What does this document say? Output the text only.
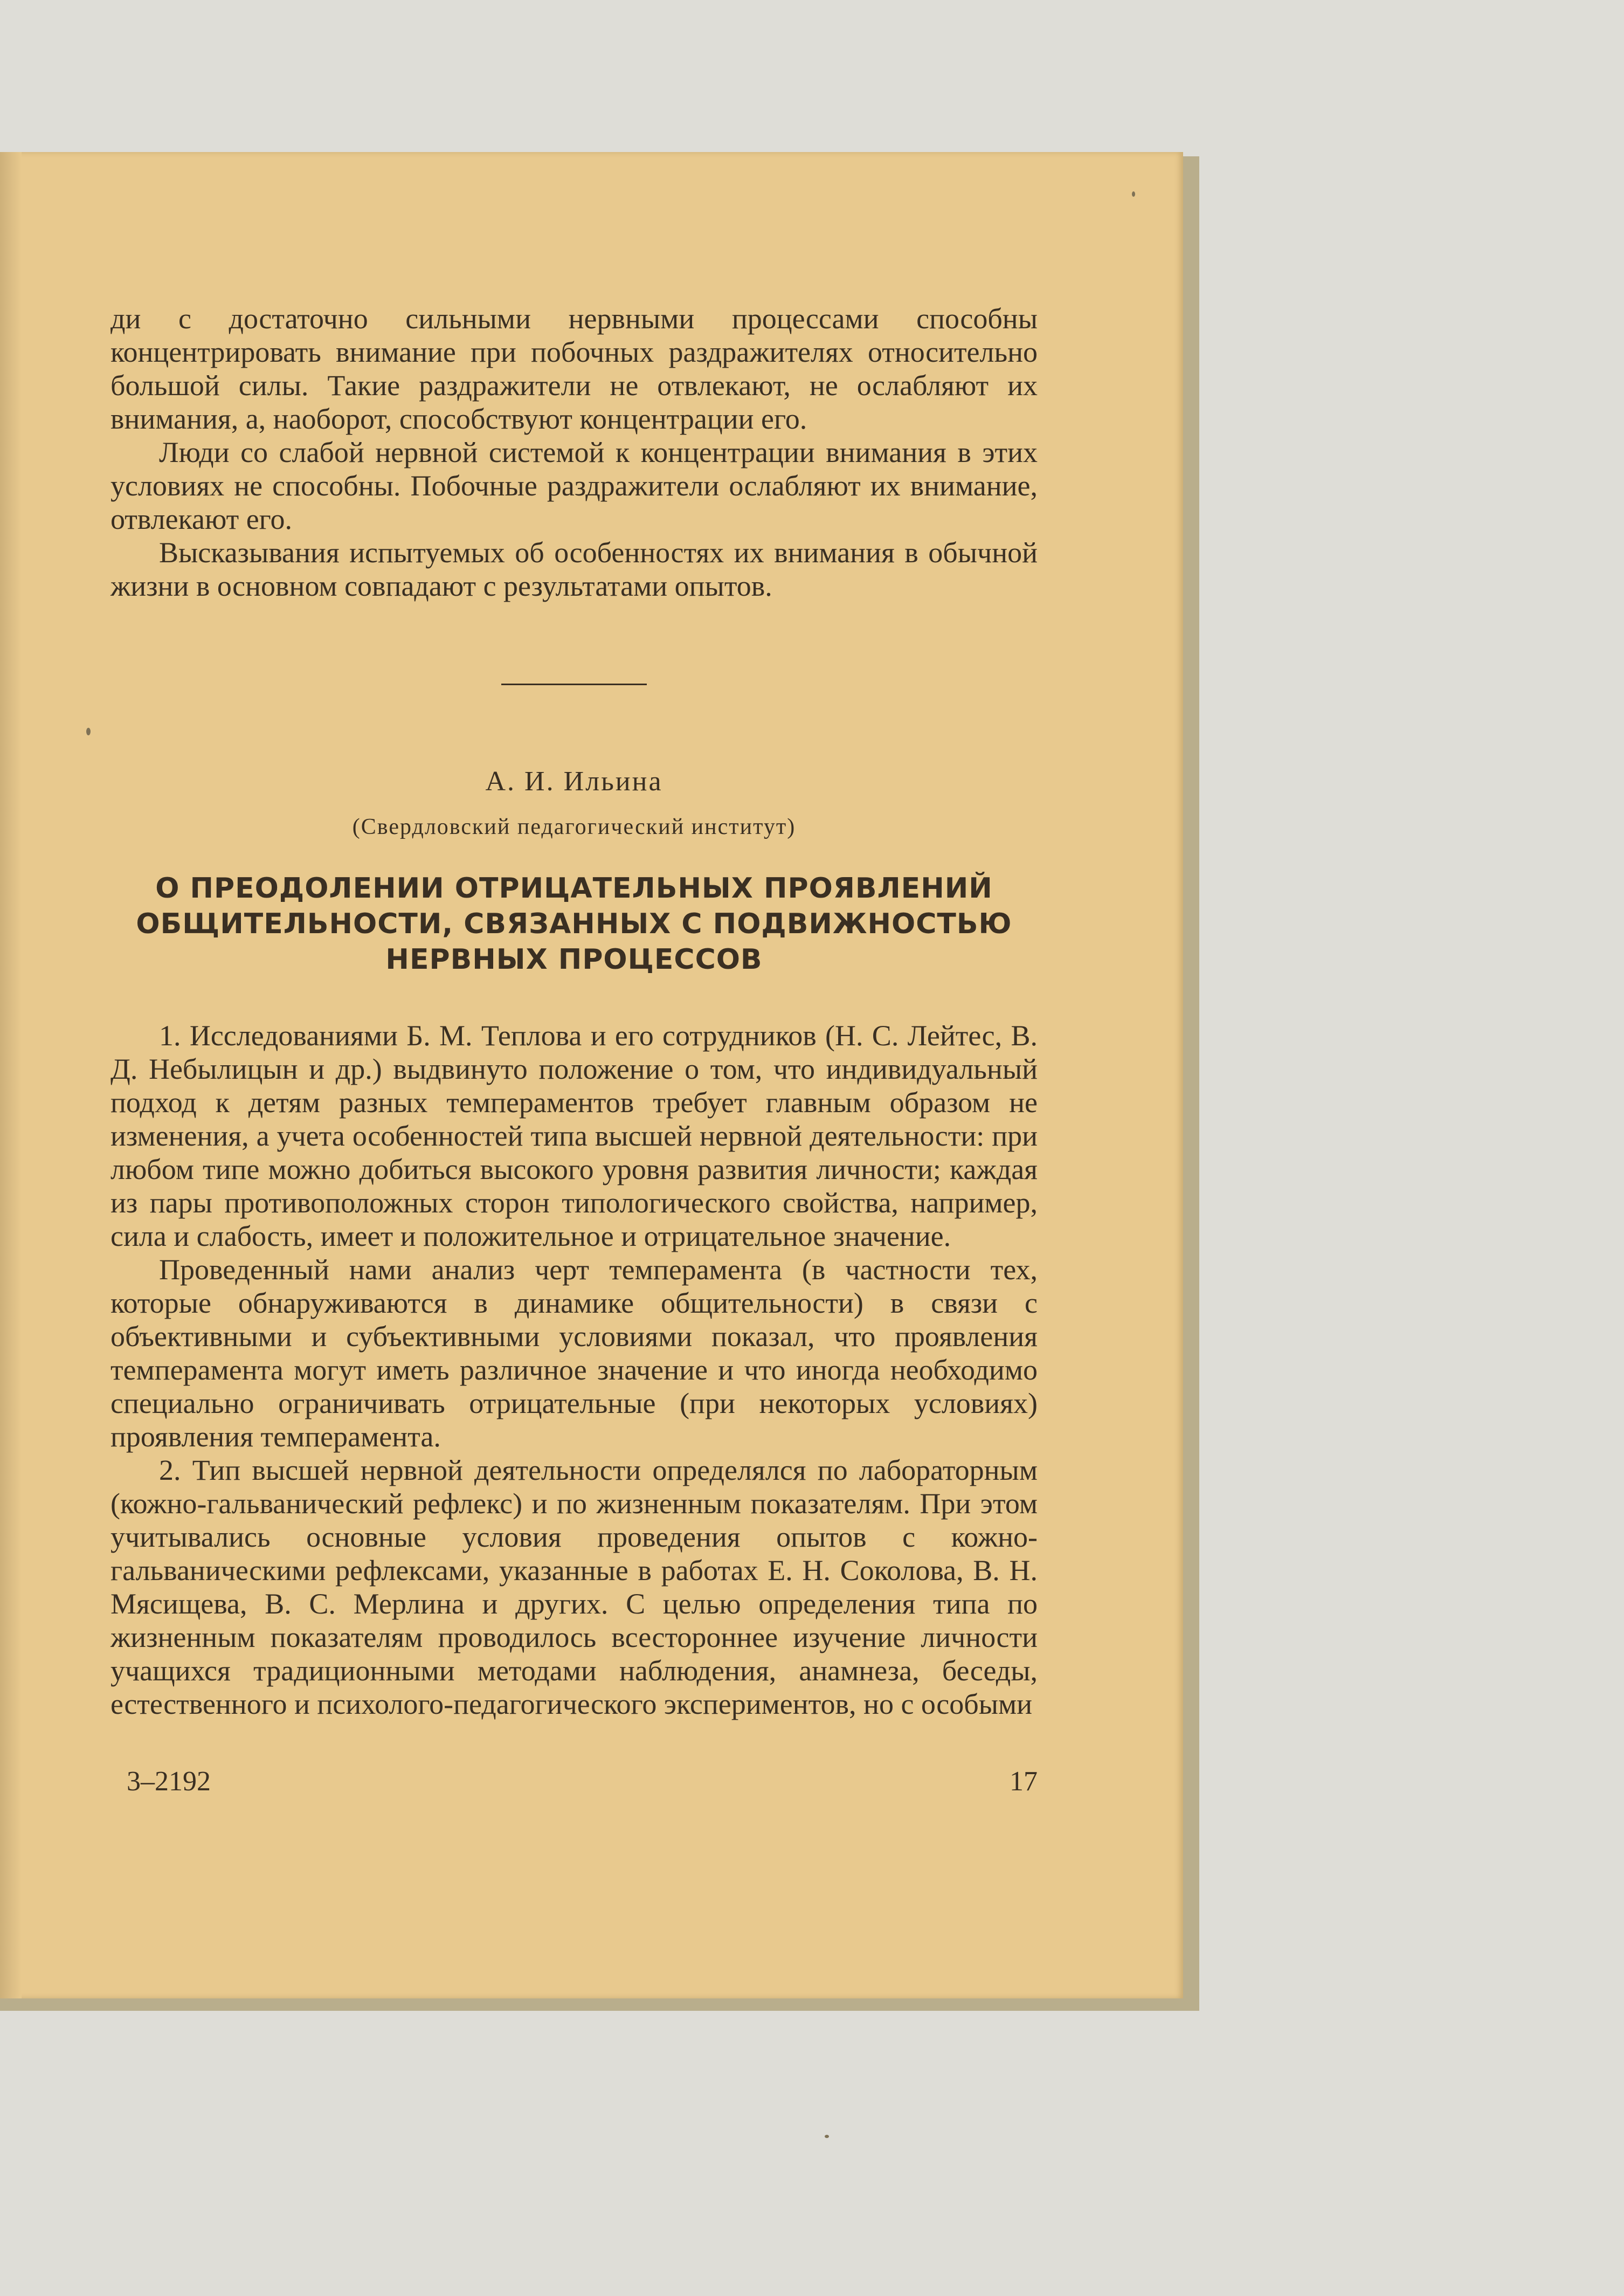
ди с достаточно сильными нервными процессами способны концентрировать внимание при побочных раздражителях относительно большой силы. Такие раздражители не отвлекают, не ослабляют их внимания, а, наоборот, способствуют концентрации его.

Люди со слабой нервной системой к концентрации внимания в этих условиях не способны. Побочные раздражители ослабляют их внимание, отвлекают его.

Высказывания испытуемых об особенностях их внимания в обычной жизни в основном совпадают с результатами опытов.

А. И. Ильина
(Свердловский педагогический институт)
О ПРЕОДОЛЕНИИ ОТРИЦАТЕЛЬНЫХ ПРОЯВЛЕНИЙ
ОБЩИТЕЛЬНОСТИ, СВЯЗАННЫХ С ПОДВИЖНОСТЬЮ
НЕРВНЫХ ПРОЦЕССОВ

1. Исследованиями Б. М. Теплова и его сотрудников (Н. С. Лейтес, В. Д. Небылицын и др.) выдвинуто положение о том, что индивидуальный подход к детям разных темпераментов требует главным образом не изменения, а учета особенностей типа высшей нервной деятельности: при любом типе можно добиться высокого уровня развития личности; каждая из пары противоположных сторон типологического свойства, например, сила и слабость, имеет и положительное и отрицательное значение.

Проведенный нами анализ черт темперамента (в частности тех, которые обнаруживаются в динамике общительности) в связи с объективными и субъективными условиями показал, что проявления темперамента могут иметь различное значение и что иногда необходимо специально ограничивать отрицательные (при некоторых условиях) проявления темперамента.

2. Тип высшей нервной деятельности определялся по лабораторным (кожно-гальванический рефлекс) и по жизненным показателям. При этом учитывались основные условия проведения опытов с кожно-гальваническими рефлексами, указанные в работах Е. Н. Соколова, В. Н. Мясищева, В. С. Мерлина и других. С целью определения типа по жизненным показателям проводилось всестороннее изучение личности учащихся традиционными методами наблюдения, анамнеза, беседы, естественного и психолого-педагогического экспериментов, но с особыми

3–2192	17
